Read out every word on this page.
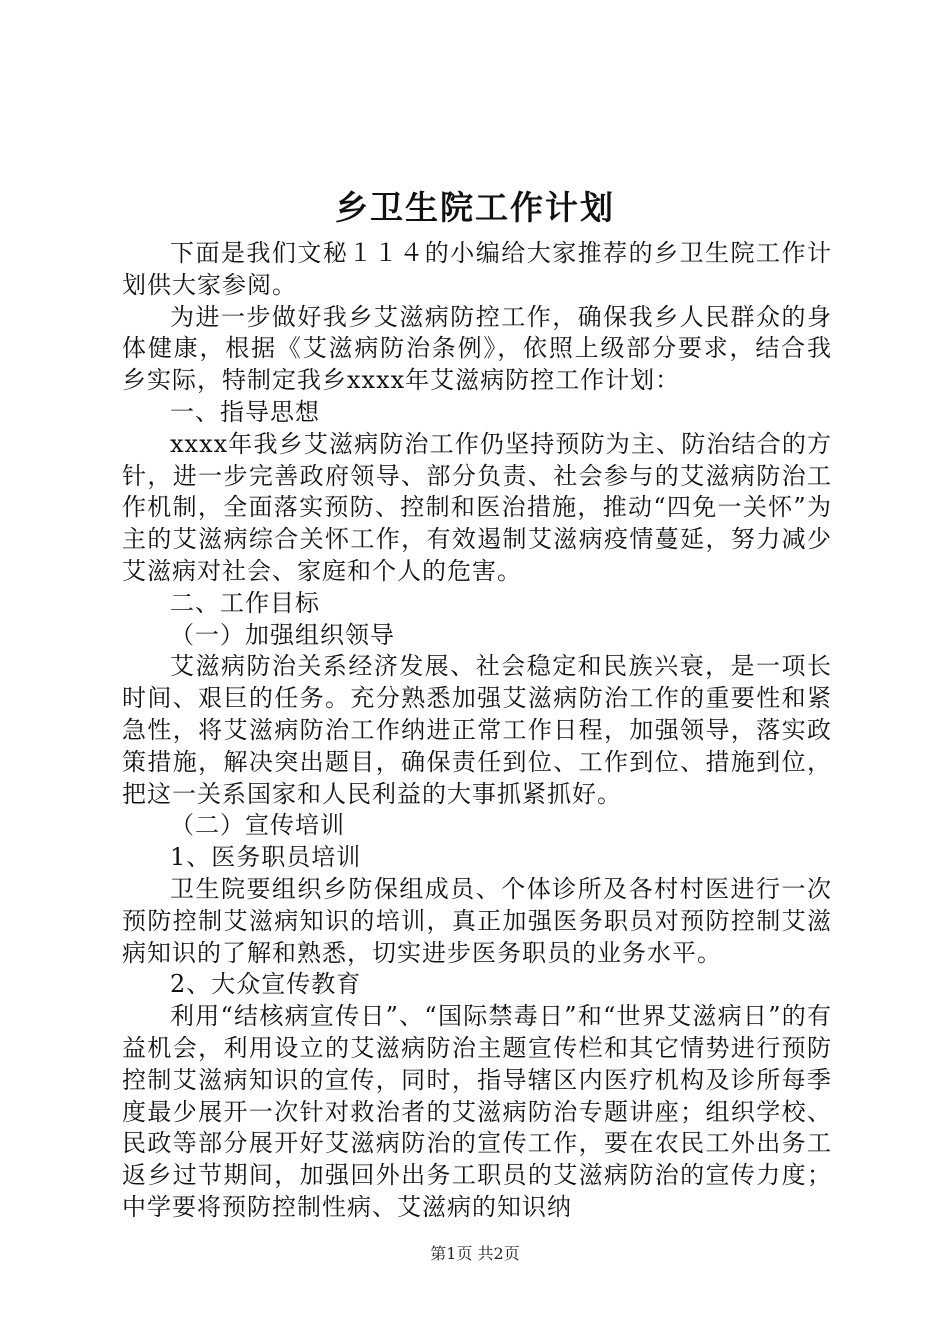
乡卫生院工作计划

下面是我们文秘１１４的小编给大家推荐的乡卫生院工作计划供大家参阅。

为进一步做好我乡艾滋病防控工作，确保我乡人民群众的身体健康，根据《艾滋病防治条例》，依照上级部分要求，结合我乡实际，特制定我乡xxxx年艾滋病防控工作计划：

一、指导思想

xxxx年我乡艾滋病防治工作仍坚持预防为主、防治结合的方针，进一步完善政府领导、部分负责、社会参与的艾滋病防治工作机制，全面落实预防、控制和医治措施，推动“四免一关怀”为主的艾滋病综合关怀工作，有效遏制艾滋病疫情蔓延，努力减少艾滋病对社会、家庭和个人的危害。

二、工作目标

（一）加强组织领导

艾滋病防治关系经济发展、社会稳定和民族兴衰，是一项长时间、艰巨的任务。充分熟悉加强艾滋病防治工作的重要性和紧急性，将艾滋病防治工作纳进正常工作日程，加强领导，落实政策措施，解决突出题目，确保责任到位、工作到位、措施到位，把这一关系国家和人民利益的大事抓紧抓好。

（二）宣传培训

1、医务职员培训

卫生院要组织乡防保组成员、个体诊所及各村村医进行一次预防控制艾滋病知识的培训，真正加强医务职员对预防控制艾滋病知识的了解和熟悉，切实进步医务职员的业务水平。

2、大众宣传教育

利用“结核病宣传日”、“国际禁毒日”和“世界艾滋病日”的有益机会，利用设立的艾滋病防治主题宣传栏和其它情势进行预防控制艾滋病知识的宣传，同时，指导辖区内医疗机构及诊所每季度最少展开一次针对救治者的艾滋病防治专题讲座；组织学校、民政等部分展开好艾滋病防治的宣传工作，要在农民工外出务工返乡过节期间，加强回外出务工职员的艾滋病防治的宣传力度；中学要将预防控制性病、艾滋病的知识纳

第1页 共2页
